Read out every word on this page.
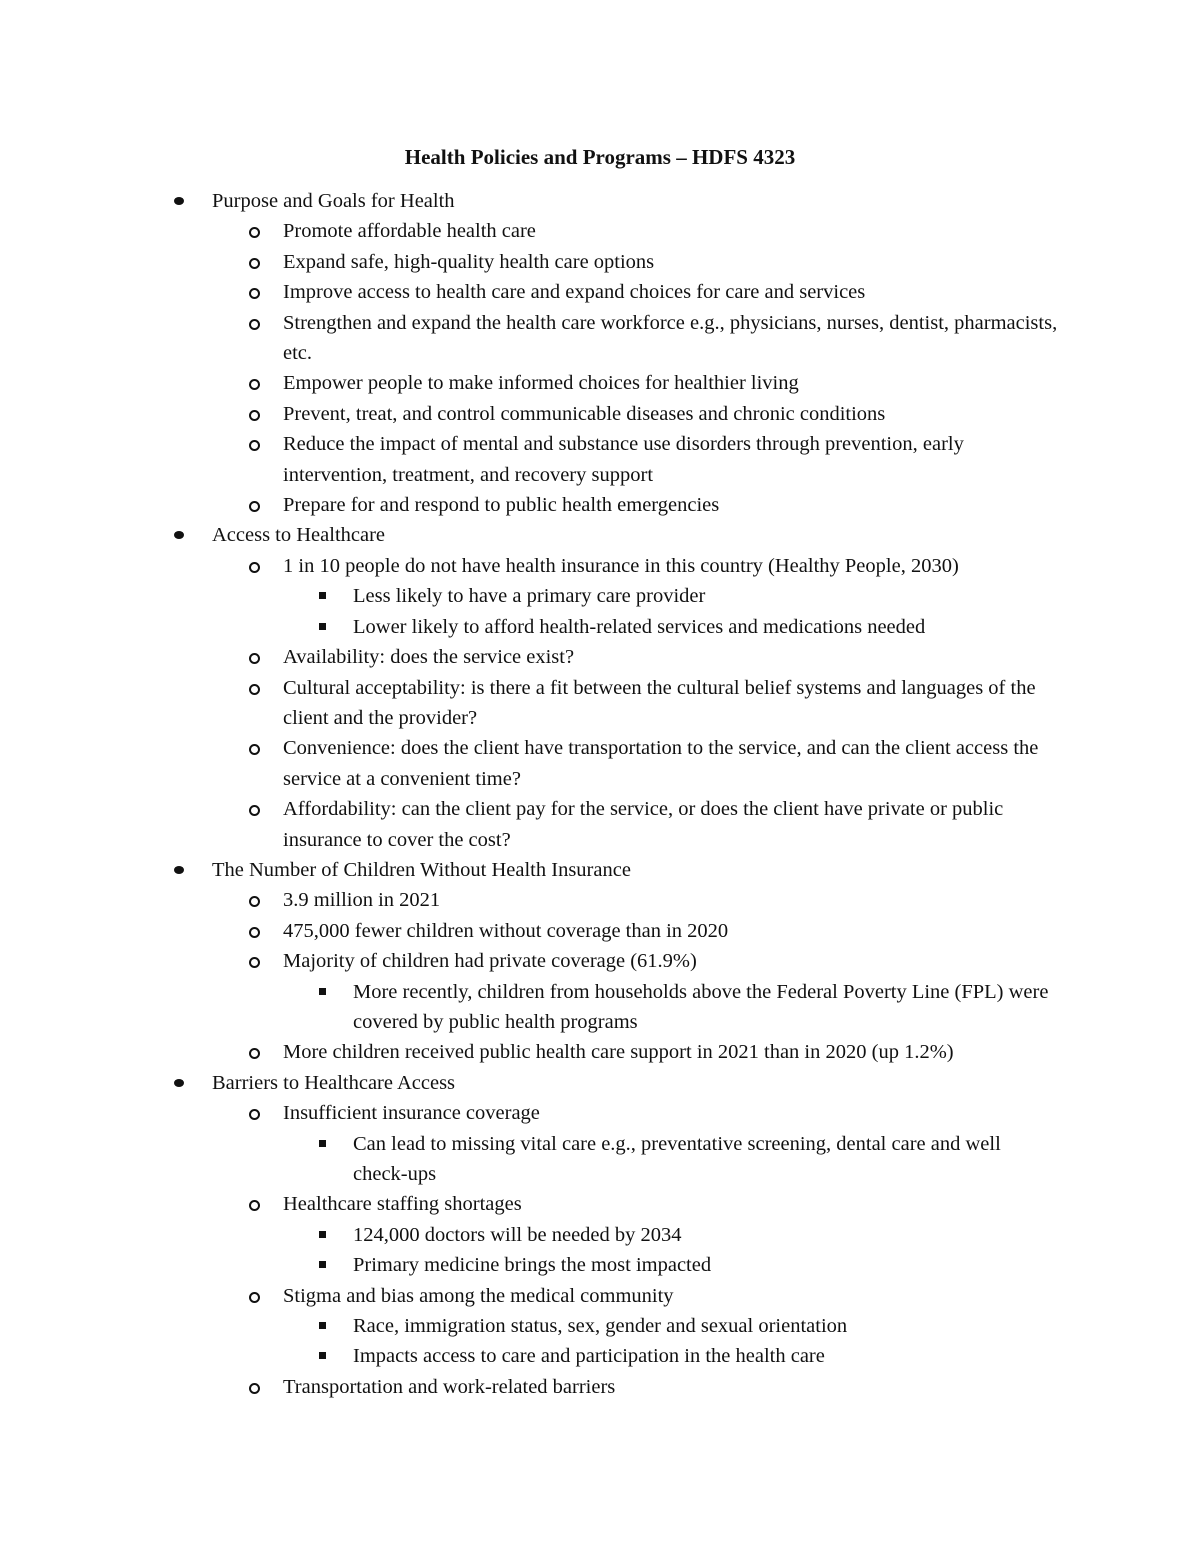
Health Policies and Programs – HDFS 4323
Purpose and Goals for Health
Promote affordable health care
Expand safe, high-quality health care options
Improve access to health care and expand choices for care and services
Strengthen and expand the health care workforce e.g., physicians, nurses, dentist, pharmacists, etc.
Empower people to make informed choices for healthier living
Prevent, treat, and control communicable diseases and chronic conditions
Reduce the impact of mental and substance use disorders through prevention, early intervention, treatment, and recovery support
Prepare for and respond to public health emergencies
Access to Healthcare
1 in 10 people do not have health insurance in this country (Healthy People, 2030)
Less likely to have a primary care provider
Lower likely to afford health-related services and medications needed
Availability: does the service exist?
Cultural acceptability: is there a fit between the cultural belief systems and languages of the client and the provider?
Convenience: does the client have transportation to the service, and can the client access the service at a convenient time?
Affordability: can the client pay for the service, or does the client have private or public insurance to cover the cost?
The Number of Children Without Health Insurance
3.9 million in 2021
475,000 fewer children without coverage than in 2020
Majority of children had private coverage (61.9%)
More recently, children from households above the Federal Poverty Line (FPL) were covered by public health programs
More children received public health care support in 2021 than in 2020 (up 1.2%)
Barriers to Healthcare Access
Insufficient insurance coverage
Can lead to missing vital care e.g., preventative screening, dental care and well check-ups
Healthcare staffing shortages
124,000 doctors will be needed by 2034
Primary medicine brings the most impacted
Stigma and bias among the medical community
Race, immigration status, sex, gender and sexual orientation
Impacts access to care and participation in the health care
Transportation and work-related barriers
